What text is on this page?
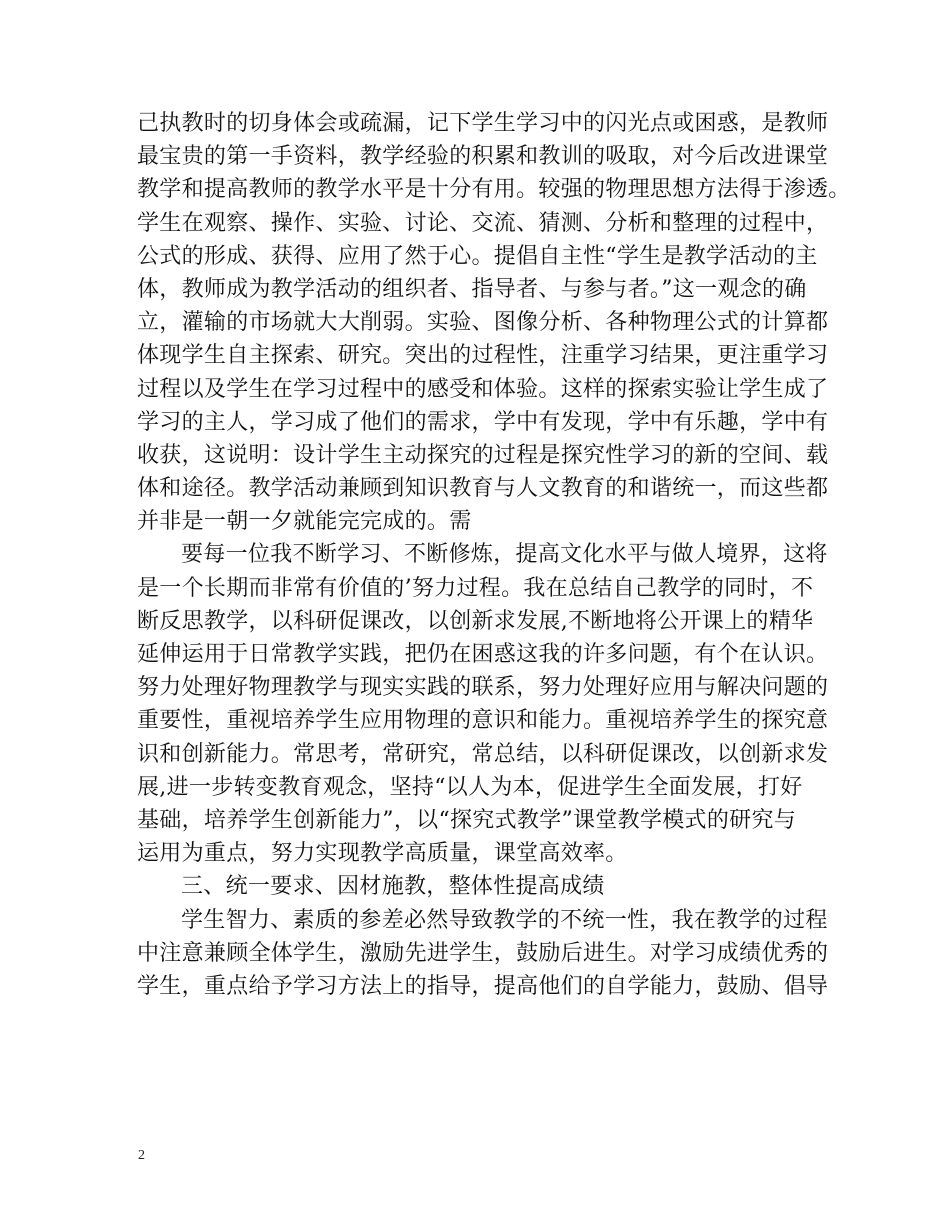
己执教时的切身体会或疏漏，记下学生学习中的闪光点或困惑，是教师
最宝贵的第一手资料，教学经验的积累和教训的吸取，对今后改进课堂
教学和提高教师的教学水平是十分有用。较强的物理思想方法得于渗透。
学生在观察、操作、实验、讨论、交流、猜测、分析和整理的过程中，
公式的形成、获得、应用了然于心。提倡自主性“学生是教学活动的主
体，教师成为教学活动的组织者、指导者、与参与者。”这一观念的确
立，灌输的市场就大大削弱。实验、图像分析、各种物理公式的计算都
体现学生自主探索、研究。突出的过程性，注重学习结果，更注重学习
过程以及学生在学习过程中的感受和体验。这样的探索实验让学生成了
学习的主人，学习成了他们的需求，学中有发现，学中有乐趣，学中有
收获，这说明：设计学生主动探究的过程是探究性学习的新的空间、载
体和途径。教学活动兼顾到知识教育与人文教育的和谐统一，而这些都
并非是一朝一夕就能完完成的。需
要每一位我不断学习、不断修炼，提高文化水平与做人境界，这将
是一个长期而非常有价值的’努力过程。我在总结自己教学的同时，不
断反思教学，以科研促课改，以创新求发展,不断地将公开课上的精华
延伸运用于日常教学实践，把仍在困惑这我的许多问题，有个在认识。
努力处理好物理教学与现实实践的联系，努力处理好应用与解决问题的
重要性，重视培养学生应用物理的意识和能力。重视培养学生的探究意
识和创新能力。常思考，常研究，常总结，以科研促课改，以创新求发
展,进一步转变教育观念，坚持“以人为本，促进学生全面发展，打好
基础，培养学生创新能力”，以“探究式教学”课堂教学模式的研究与
运用为重点，努力实现教学高质量，课堂高效率。
三、统一要求、因材施教，整体性提高成绩
学生智力、素质的参差必然导致教学的不统一性，我在教学的过程
中注意兼顾全体学生，激励先进学生，鼓励后进生。对学习成绩优秀的
学生，重点给予学习方法上的指导，提高他们的自学能力，鼓励、倡导
2
